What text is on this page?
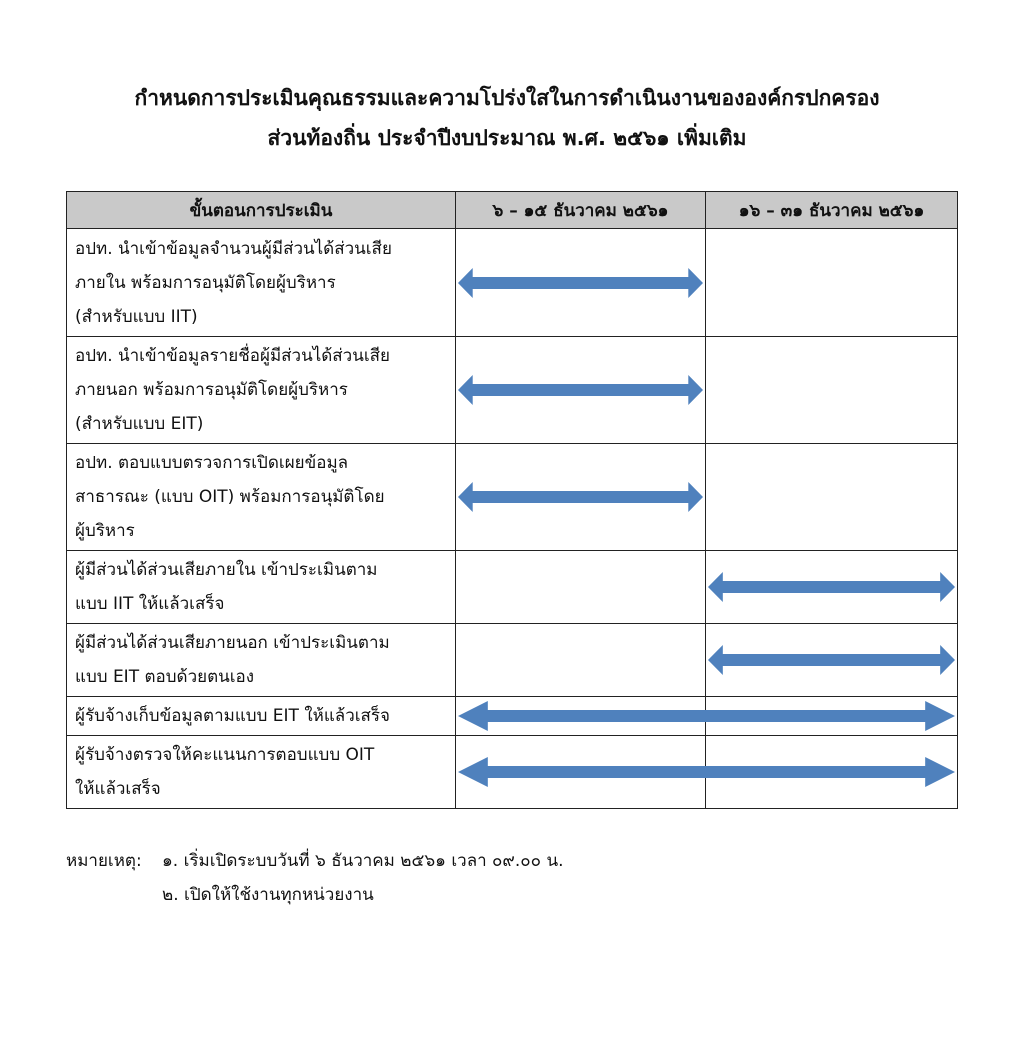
กำหนดการประเมินคุณธรรมและความโปร่งใสในการดำเนินงานขององค์กรปกครอง
ส่วนท้องถิ่น ประจำปีงบประมาณ พ.ศ. ๒๕๖๑ เพิ่มเติม
ขั้นตอนการประเมิน	๖ – ๑๕ ธันวาคม ๒๕๖๑	๑๖ – ๓๑ ธันวาคม ๒๕๖๑

อปท. นำเข้าข้อมูลจำนวนผู้มีส่วนได้ส่วนเสีย
ภายใน พร้อมการอนุมัติโดยผู้บริหาร
(สำหรับแบบ IIT)

อปท. นำเข้าข้อมูลรายชื่อผู้มีส่วนได้ส่วนเสีย
ภายนอก พร้อมการอนุมัติโดยผู้บริหาร
(สำหรับแบบ EIT)

อปท. ตอบแบบตรวจการเปิดเผยข้อมูล
สาธารณะ (แบบ OIT) พร้อมการอนุมัติโดย
ผู้บริหาร

ผู้มีส่วนได้ส่วนเสียภายใน เข้าประเมินตาม
แบบ IIT ให้แล้วเสร็จ

ผู้มีส่วนได้ส่วนเสียภายนอก เข้าประเมินตาม
แบบ EIT ตอบด้วยตนเอง

ผู้รับจ้างเก็บข้อมูลตามแบบ EIT ให้แล้วเสร็จ

ผู้รับจ้างตรวจให้คะแนนการตอบแบบ OIT
ให้แล้วเสร็จ

หมายเหตุ: ๑. เริ่มเปิดระบบวันที่ ๖ ธันวาคม ๒๕๖๑ เวลา ๐๙.๐๐ น.
๒. เปิดให้ใช้งานทุกหน่วยงาน
